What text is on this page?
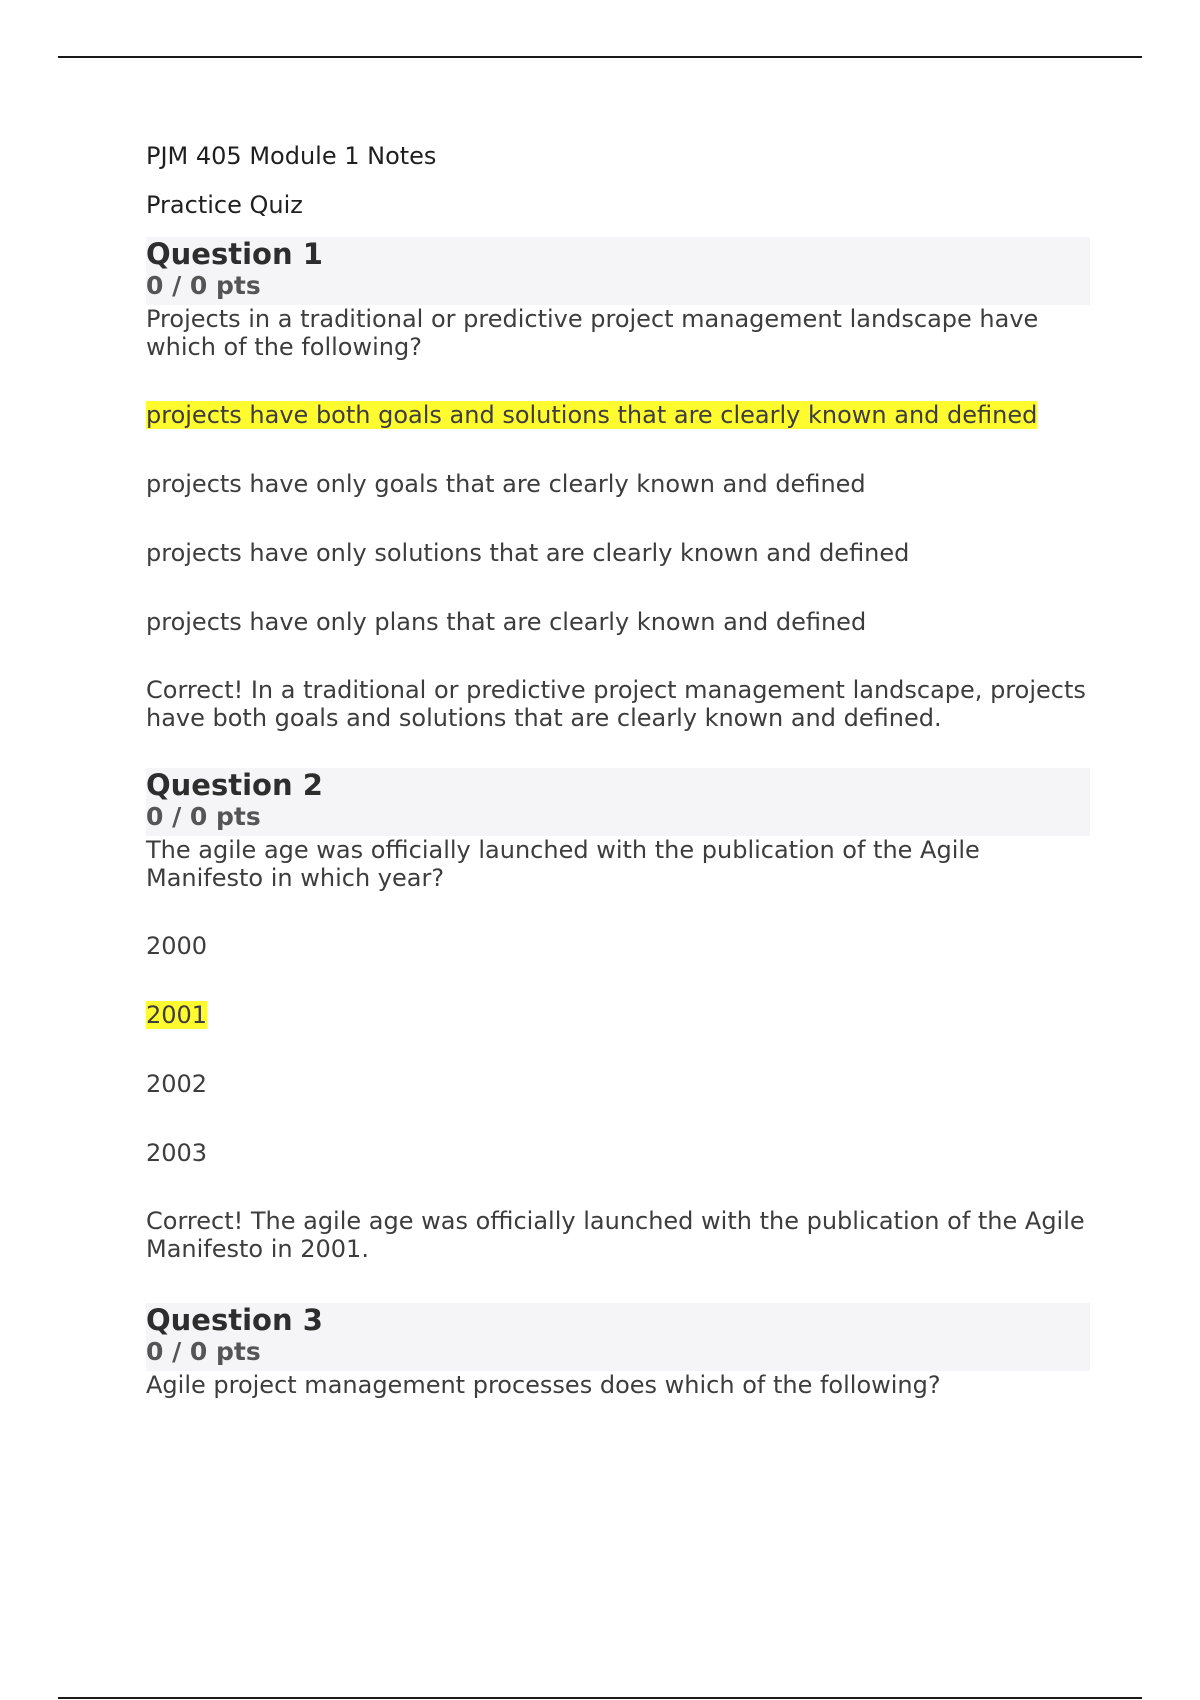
PJM 405 Module 1 Notes

Practice Quiz

Question 1

0 / 0 pts

Projects in a traditional or predictive project management landscape have which of the following?

projects have both goals and solutions that are clearly known and defined

projects have only goals that are clearly known and defined

projects have only solutions that are clearly known and defined

projects have only plans that are clearly known and defined

Correct! In a traditional or predictive project management landscape, projects have both goals and solutions that are clearly known and defined.

Question 2

0 / 0 pts

The agile age was officially launched with the publication of the Agile Manifesto in which year?

2000

2001

2002

2003

Correct! The agile age was officially launched with the publication of the Agile Manifesto in 2001.

Question 3

0 / 0 pts

Agile project management processes does which of the following?
